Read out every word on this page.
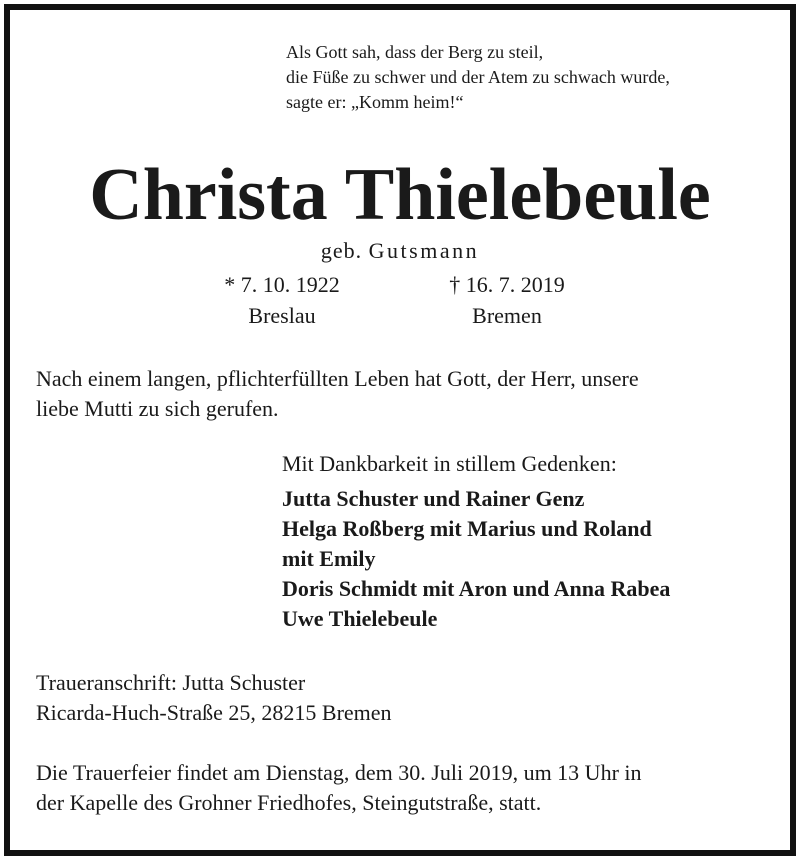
Als Gott sah, dass der Berg zu steil,
die Füße zu schwer und der Atem zu schwach wurde,
sagte er: „Komm heim!“
Christa Thielebeule
geb. Gutsmann
* 7. 10. 1922
Breslau
† 16. 7. 2019
Bremen
Nach einem langen, pflichterfüllten Leben hat Gott, der Herr, unsere
liebe Mutti zu sich gerufen.
Mit Dankbarkeit in stillem Gedenken:
Jutta Schuster und Rainer Genz
Helga Roßberg mit Marius und Roland
mit Emily
Doris Schmidt mit Aron und Anna Rabea
Uwe Thielebeule
Traueranschrift: Jutta Schuster
Ricarda-Huch-Straße 25, 28215 Bremen
Die Trauerfeier findet am Dienstag, dem 30. Juli 2019, um 13 Uhr in
der Kapelle des Grohner Friedhofes, Steingutstraße, statt.
